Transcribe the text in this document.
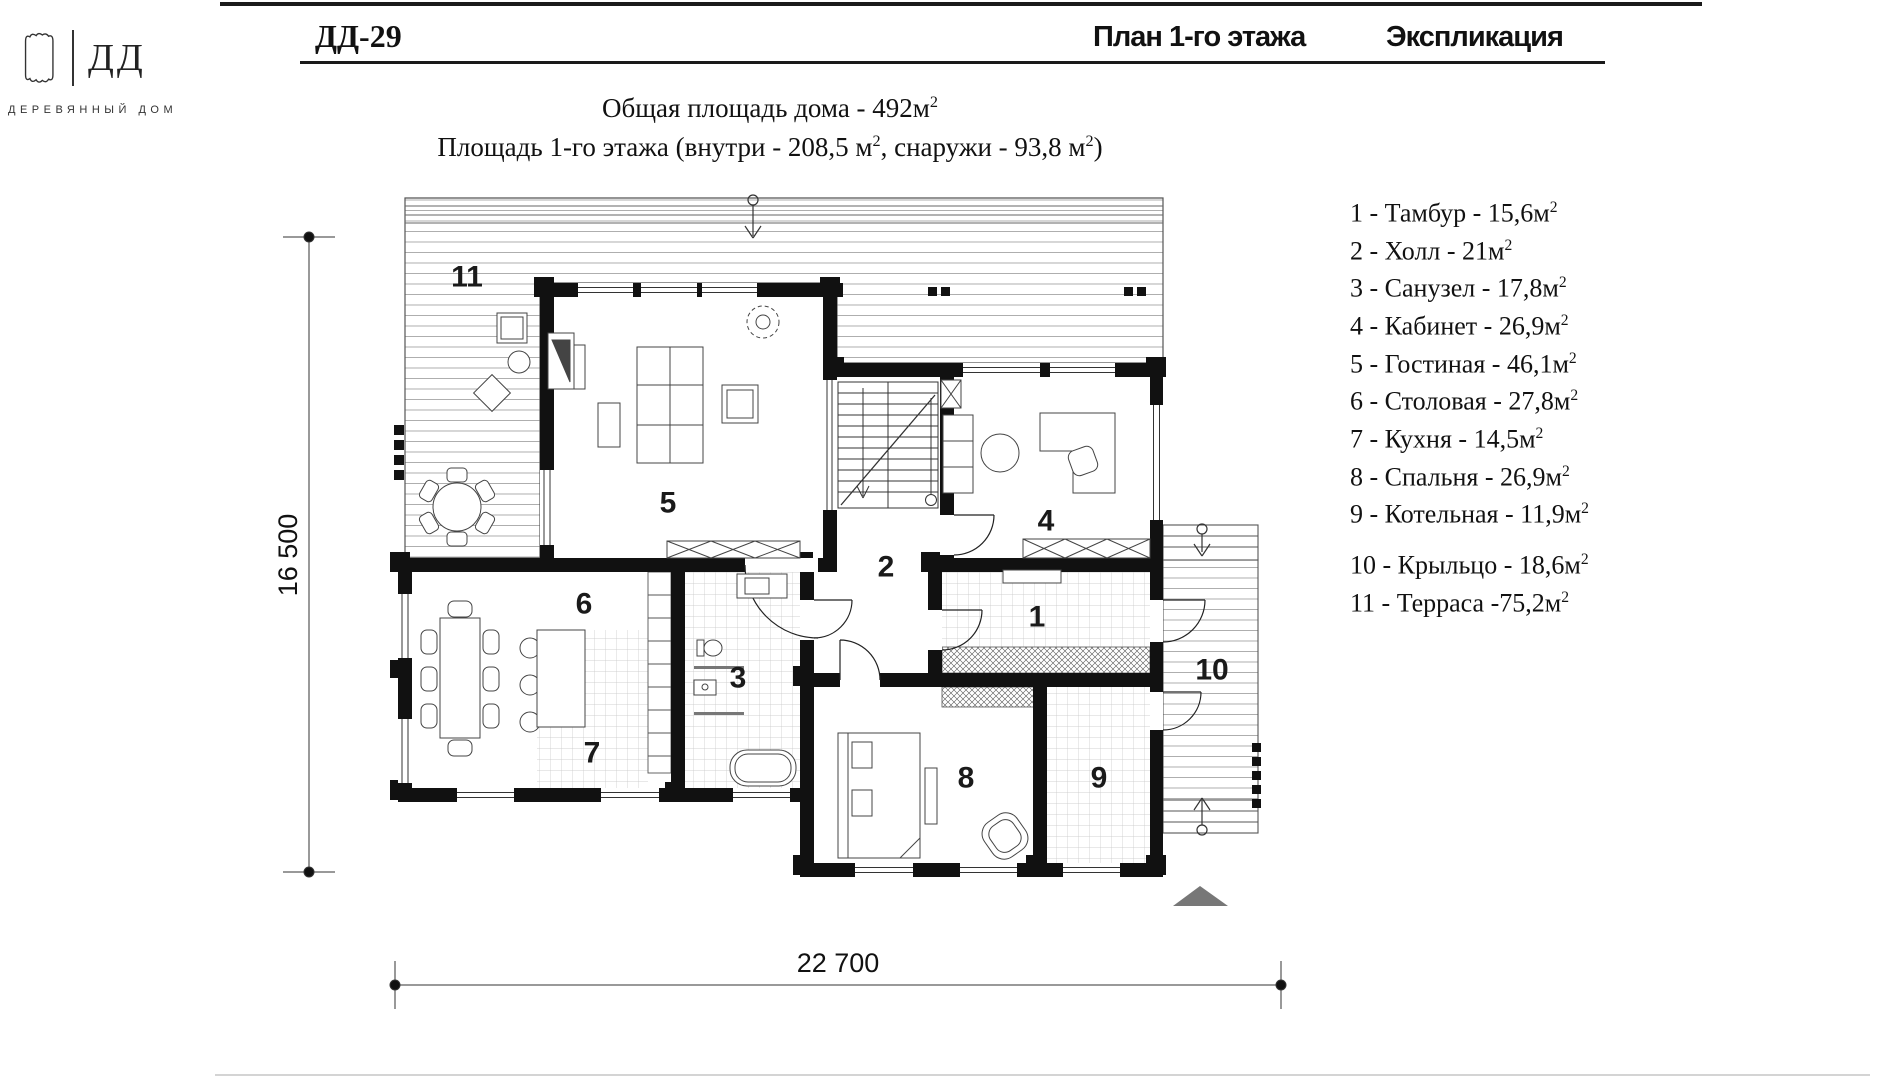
ДД
ДЕРЕВЯННЫЙ ДОМ
ДД-29	План 1-го этажа	Экспликация
Общая площадь дома - $492м^2$
Площадь 1-го этажа (внутри - 208,5 $м^2$, снаружи - 93,8 $м^2$)
1 - Тамбур - $15,6м^2$
2 - Холл - $21м^2$
3 - Санузел - $17,8м^2$
4 - Кабинет - $26,9м^2$
5 - Гостиная - $46,1м^2$
6 - Столовая - $27,8м^2$
7 - Кухня - $14,5м^2$
8 - Спальня - $26,9м^2$
9 - Котельная - $11,9м^2$
10 - Крыльцо - $18,6м^2$
11 - Терраса $-75,2м^2$
11
5
4
2
6	1
10
3
7
8	9
16 500
22 700
